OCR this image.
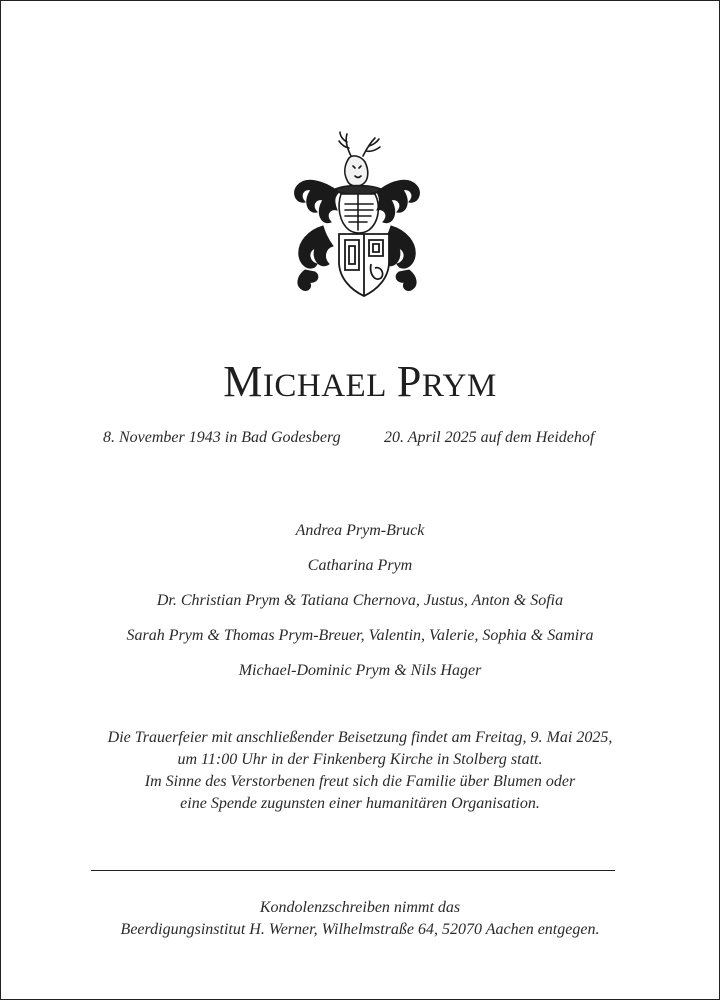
MICHAEL PRYM
8. November 1943 in Bad Godesberg	20. April 2025 auf dem Heidehof
Andrea Prym-Bruck
Catharina Prym
Dr. Christian Prym & Tatiana Chernova, Justus, Anton & Sofia
Sarah Prym & Thomas Prym-Breuer, Valentin, Valerie, Sophia & Samira
Michael-Dominic Prym & Nils Hager
Die Trauerfeier mit anschließender Beisetzung findet am Freitag, 9. Mai 2025,
um 11:00 Uhr in der Finkenberg Kirche in Stolberg statt.
Im Sinne des Verstorbenen freut sich die Familie über Blumen oder
eine Spende zugunsten einer humanitären Organisation.
Kondolenzschreiben nimmt das
Beerdigungsinstitut H. Werner, Wilhelmstraße 64, 52070 Aachen entgegen.
